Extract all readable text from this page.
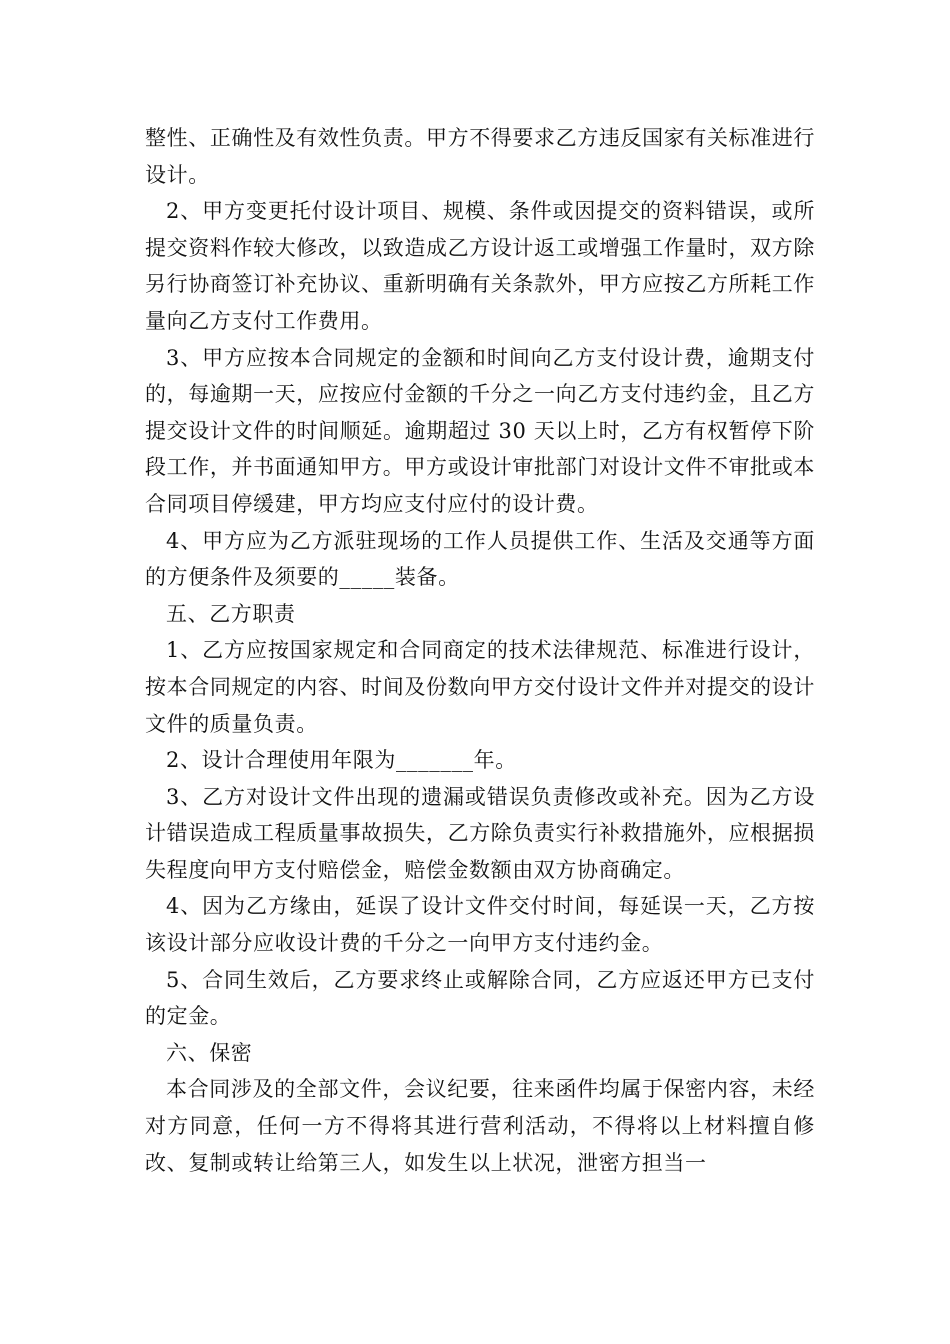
整性、正确性及有效性负责。甲方不得要求乙方违反国家有关标准进行设计。

2、甲方变更托付设计项目、规模、条件或因提交的资料错误，或所提交资料作较大修改，以致造成乙方设计返工或增强工作量时，双方除另行协商签订补充协议、重新明确有关条款外，甲方应按乙方所耗工作量向乙方支付工作费用。

3、甲方应按本合同规定的金额和时间向乙方支付设计费，逾期支付的，每逾期一天，应按应付金额的千分之一向乙方支付违约金，且乙方提交设计文件的时间顺延。逾期超过 30 天以上时，乙方有权暂停下阶段工作，并书面通知甲方。甲方或设计审批部门对设计文件不审批或本合同项目停缓建，甲方均应支付应付的设计费。

4、甲方应为乙方派驻现场的工作人员提供工作、生活及交通等方面的方便条件及须要的_____装备。

五、乙方职责

1、乙方应按国家规定和合同商定的技术法律规范、标准进行设计，按本合同规定的内容、时间及份数向甲方交付设计文件并对提交的设计文件的质量负责。

2、设计合理使用年限为_______年。

3、乙方对设计文件出现的遗漏或错误负责修改或补充。因为乙方设计错误造成工程质量事故损失，乙方除负责实行补救措施外，应根据损失程度向甲方支付赔偿金，赔偿金数额由双方协商确定。

4、因为乙方缘由，延误了设计文件交付时间，每延误一天，乙方按该设计部分应收设计费的千分之一向甲方支付违约金。

5、合同生效后，乙方要求终止或解除合同，乙方应返还甲方已支付的定金。

六、保密

本合同涉及的全部文件，会议纪要，往来函件均属于保密内容，未经对方同意，任何一方不得将其进行营利活动，不得将以上材料擅自修改、复制或转让给第三人，如发生以上状况，泄密方担当一
